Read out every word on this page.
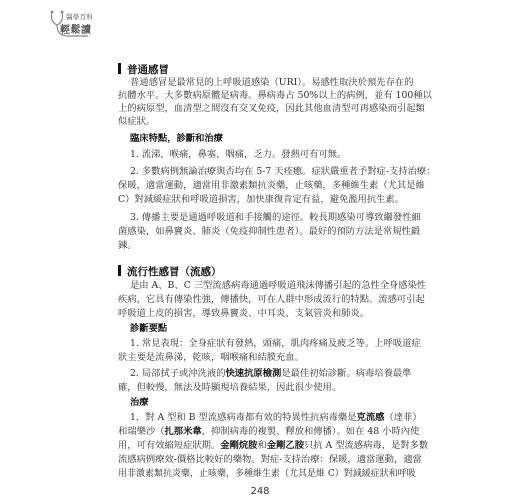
醫學百科
輕鬆讀
普通感冒
普通感冒是最常見的上呼吸道感染（URI）。易感性取決於預先存在的
抗體水平。大多數病原體是病毒。鼻病毒占 50%以上的病例，並有 100種以
上的病原型，血清型之間沒有交叉免疫，因此其他血清型可再感染而引起類
似症狀。
臨床特點，診斷和治療
1. 流涕，喉痛，鼻塞，咽痛，乏力。發熱可有可無。
2. 多數病例無論治療與否均在 5-7 天痊癒。症狀嚴重者予對症-支持治療：
保暖，適當運動，適當用非激素類抗炎藥，止咳藥，多種維生素（尤其是維
C）對減緩症狀和呼吸道損害，加快康復肯定有益，避免濫用抗生素。
3. 傳播主要是通過呼吸道和手接觸的途徑。較長期感染可導致繼發性細
菌感染，如鼻竇炎、肺炎（免疫抑制性患者）。最好的預防方法是常規性鍛
鍊。
流行性感冒（流感）
是由 A、B、C 三型流感病毒通過呼吸道飛沫傳播引起的急性全身感染性
疾病，它具有傳染性強，傳播快，可在人群中形成流行的特點。流感可引起
呼吸道上皮的損害，導致鼻竇炎、中耳炎、支氣管炎和肺炎。
診斷要點
1. 常見表現：全身症狀有發熱，頭痛，肌肉疼痛及疲乏等。上呼吸道症
狀主要是流鼻涕，乾咳，咽喉痛和結膜充血。
2. 局部拭子或沖洗液的快速抗原檢測是最佳初始診斷。病毒培養最準
確，但較慢，無法及時顯現培養結果，因此很少使用。
治療
1．對 A 型和 B 型流感病毒都有效的特異性抗病毒藥是克流感（達菲）
和瑞樂沙（扎那米韋，抑制病毒的複製、釋放和傳播）。如在 48 小時內使
用，可有效縮短症狀期。金剛烷胺和金剛乙胺只抗 A 型流感病毒，是對多數
流感病例療效-價格比較好的藥物。對症-支持治療：保暖，適當運動，適當
用非激素類抗炎藥，止咳藥，多種維生素（尤其是維 C）對減緩症狀和呼吸
248
